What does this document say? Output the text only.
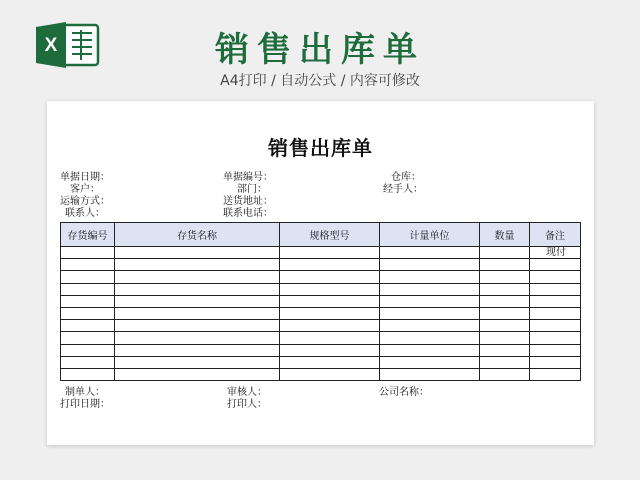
X	销售出库单
A4打印 / 自动公式 / 内容可修改
销售出库单
单据日期：	单据编号：	仓库：
客户：	部门：	经手人：
运输方式：	送货地址：
联系人：	联系电话：
存货编号	存货名称	规格型号	计量单位	数量	备注
					现付

制单人：	审核人：	公司名称：
打印日期：	打印人：
